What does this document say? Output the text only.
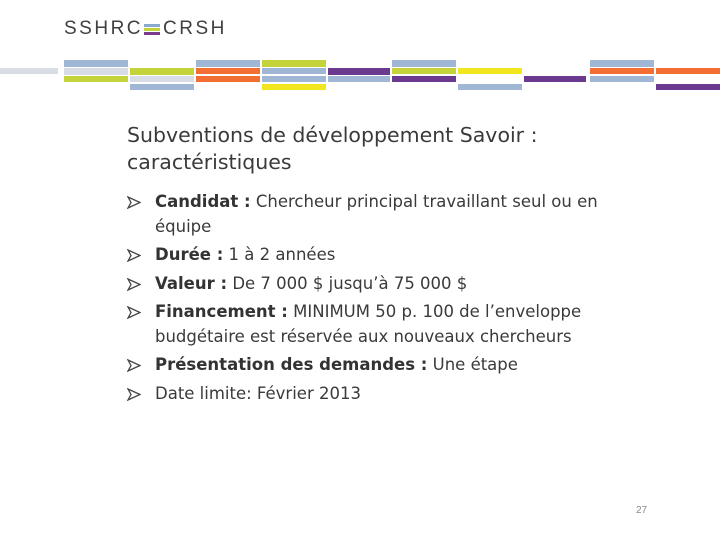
SSHRC CRSH
Subventions de développement Savoir : caractéristiques
Candidat : Chercheur principal travaillant seul ou en équipe
Durée : 1 à 2 années
Valeur : De 7 000 $ jusqu’à 75 000 $
Financement : MINIMUM 50 p. 100 de l’enveloppe budgétaire est réservée aux nouveaux chercheurs
Présentation des demandes : Une étape
Date limite: Février 2013
27
